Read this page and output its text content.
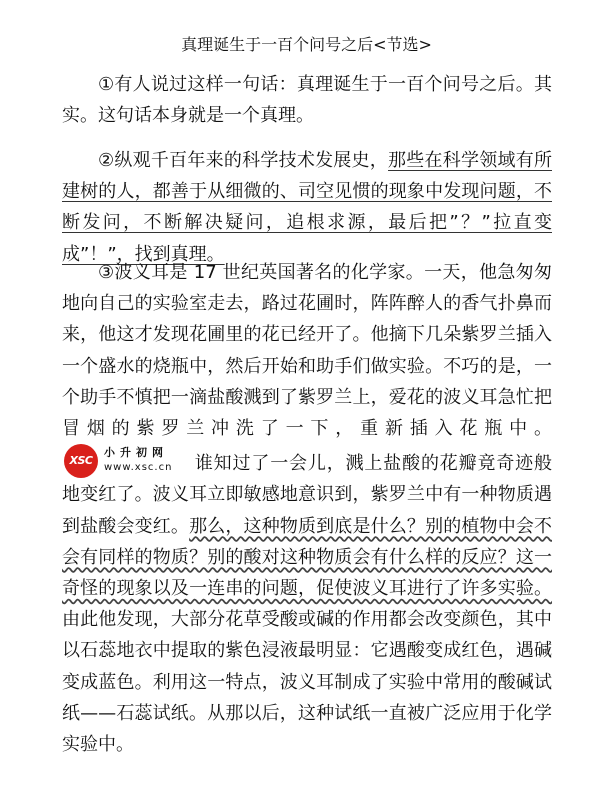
真理诞生于一百个问号之后<节选>

①有人说过这样一句话：真理诞生于一百个问号之后。其实。这句话本身就是一个真理。

②纵观千百年来的科学技术发展史，那些在科学领域有所建树的人，都善于从细微的、司空见惯的现象中发现问题，不断发问，不断解决疑问，追根求源，最后把”？”拉直变成”！”，找到真理。

③波义耳是 17 世纪英国著名的化学家。一天，他急匆匆地向自己的实验室走去，路过花圃时，阵阵醉人的香气扑鼻而来，他这才发现花圃里的花已经开了。他摘下几朵紫罗兰插入一个盛水的烧瓶中，然后开始和助手们做实验。不巧的是，一个助手不慎把一滴盐酸溅到了紫罗兰上，爱花的波义耳急忙把冒烟的紫罗兰冲洗了一下，重新插入花瓶中。
XSC
小升初网
www.xsc.cn 谁知过了一会儿，溅上盐酸的花瓣竟奇迹般地变红了。波义耳立即敏感地意识到，紫罗兰中有一种物质遇到盐酸会变红。那么，这种物质到底是什么？别的植物中会不会有同样的物质？别的酸对这种物质会有什么样的反应？这一奇怪的现象以及一连串的问题，促使波义耳进行了许多实验。由此他发现，大部分花草受酸或碱的作用都会改变颜色，其中以石蕊地衣中提取的紫色浸液最明显：它遇酸变成红色，遇碱变成蓝色。利用这一特点，波义耳制成了实验中常用的酸碱试纸——石蕊试纸。从那以后，这种试纸一直被广泛应用于化学实验中。
